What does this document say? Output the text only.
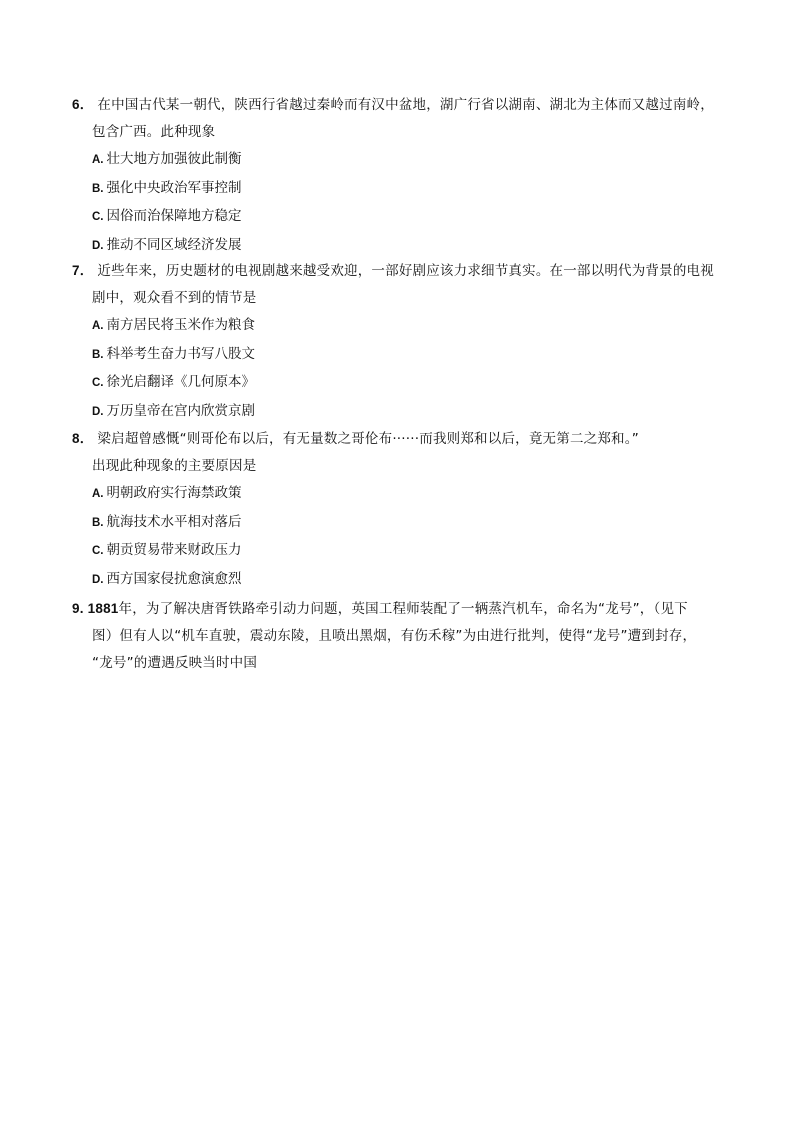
6． 在中国古代某一朝代，陕西行省越过秦岭而有汉中盆地，湖广行省以湖南、湖北为主体而又越过南岭，
包含广西。此种现象
A. 壮大地方加强彼此制衡
B. 强化中央政治军事控制
C. 因俗而治保障地方稳定
D. 推动不同区域经济发展
7． 近些年来，历史题材的电视剧越来越受欢迎，一部好剧应该力求细节真实。在一部以明代为背景的电视
剧中，观众看不到的情节是
A. 南方居民将玉米作为粮食
B. 科举考生奋力书写八股文
C. 徐光启翻译《几何原本》
D. 万历皇帝在宫内欣赏京剧
8． 梁启超曾感慨“则哥伦布以后，有无量数之哥伦布······而我则郑和以后，竟无第二之郑和。”
出现此种现象的主要原因是
A. 明朝政府实行海禁政策
B. 航海技术水平相对落后
C. 朝贡贸易带来财政压力
D. 西方国家侵扰愈演愈烈
9. 1881年，为了解决唐胥铁路牵引动力问题，英国工程师装配了一辆蒸汽机车，命名为“龙号”，（见下
图）但有人以“机车直驶，震动东陵，且喷出黑烟，有伤禾稼”为由进行批判，使得“龙号”遭到封存，
“龙号”的遭遇反映当时中国
